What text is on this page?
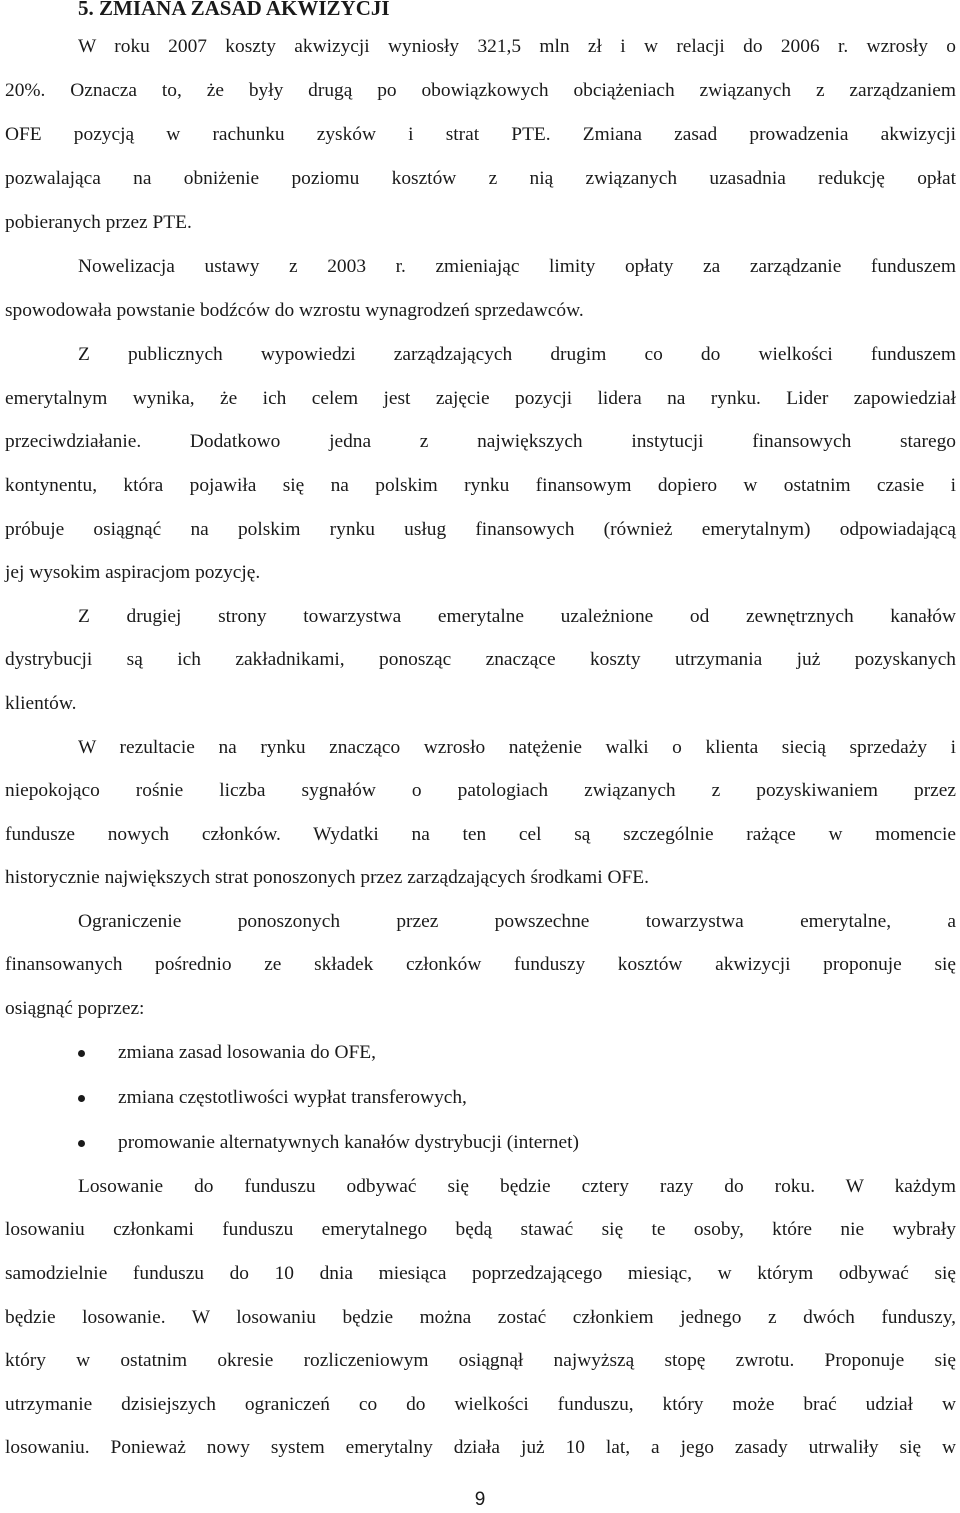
5. ZMIANA ZASAD AKWIZYCJI
W roku 2007 koszty akwizycji wyniosły 321,5 mln zł i w relacji do 2006 r. wzrosły o
20%. Oznacza to, że były drugą po obowiązkowych obciążeniach związanych z zarządzaniem
OFE pozycją w rachunku zysków i strat PTE. Zmiana zasad prowadzenia akwizycji
pozwalająca na obniżenie poziomu kosztów z nią związanych uzasadnia redukcję opłat
pobieranych przez PTE.
Nowelizacja ustawy z 2003 r. zmieniając limity opłaty za zarządzanie funduszem
spowodowała powstanie bodźców do wzrostu wynagrodzeń sprzedawców.
Z publicznych wypowiedzi zarządzających drugim co do wielkości funduszem
emerytalnym wynika, że ich celem jest zajęcie pozycji lidera na rynku. Lider zapowiedział
przeciwdziałanie. Dodatkowo jedna z największych instytucji finansowych starego
kontynentu, która pojawiła się na polskim rynku finansowym dopiero w ostatnim czasie i
próbuje osiągnąć na polskim rynku usług finansowych (również emerytalnym) odpowiadającą
jej wysokim aspiracjom pozycję.
Z drugiej strony towarzystwa emerytalne uzależnione od zewnętrznych kanałów
dystrybucji są ich zakładnikami, ponosząc znaczące koszty utrzymania już pozyskanych
klientów.
W rezultacie na rynku znacząco wzrosło natężenie walki o klienta siecią sprzedaży i
niepokojąco rośnie liczba sygnałów o patologiach związanych z pozyskiwaniem przez
fundusze nowych członków. Wydatki na ten cel są szczególnie rażące w momencie
historycznie największych strat ponoszonych przez zarządzających środkami OFE.
Ograniczenie ponoszonych przez powszechne towarzystwa emerytalne, a
finansowanych pośrednio ze składek członków funduszy kosztów akwizycji proponuje się
osiągnąć poprzez:
zmiana zasad losowania do OFE,
zmiana częstotliwości wypłat transferowych,
promowanie alternatywnych kanałów dystrybucji (internet)
Losowanie do funduszu odbywać się będzie cztery razy do roku. W każdym
losowaniu członkami funduszu emerytalnego będą stawać się te osoby, które nie wybrały
samodzielnie funduszu do 10 dnia miesiąca poprzedzającego miesiąc, w którym odbywać się
będzie losowanie. W losowaniu będzie można zostać członkiem jednego z dwóch funduszy,
który w ostatnim okresie rozliczeniowym osiągnął najwyższą stopę zwrotu. Proponuje się
utrzymanie dzisiejszych ograniczeń co do wielkości funduszu, który może brać udział w
losowaniu. Ponieważ nowy system emerytalny działa już 10 lat, a jego zasady utrwaliły się w
9
